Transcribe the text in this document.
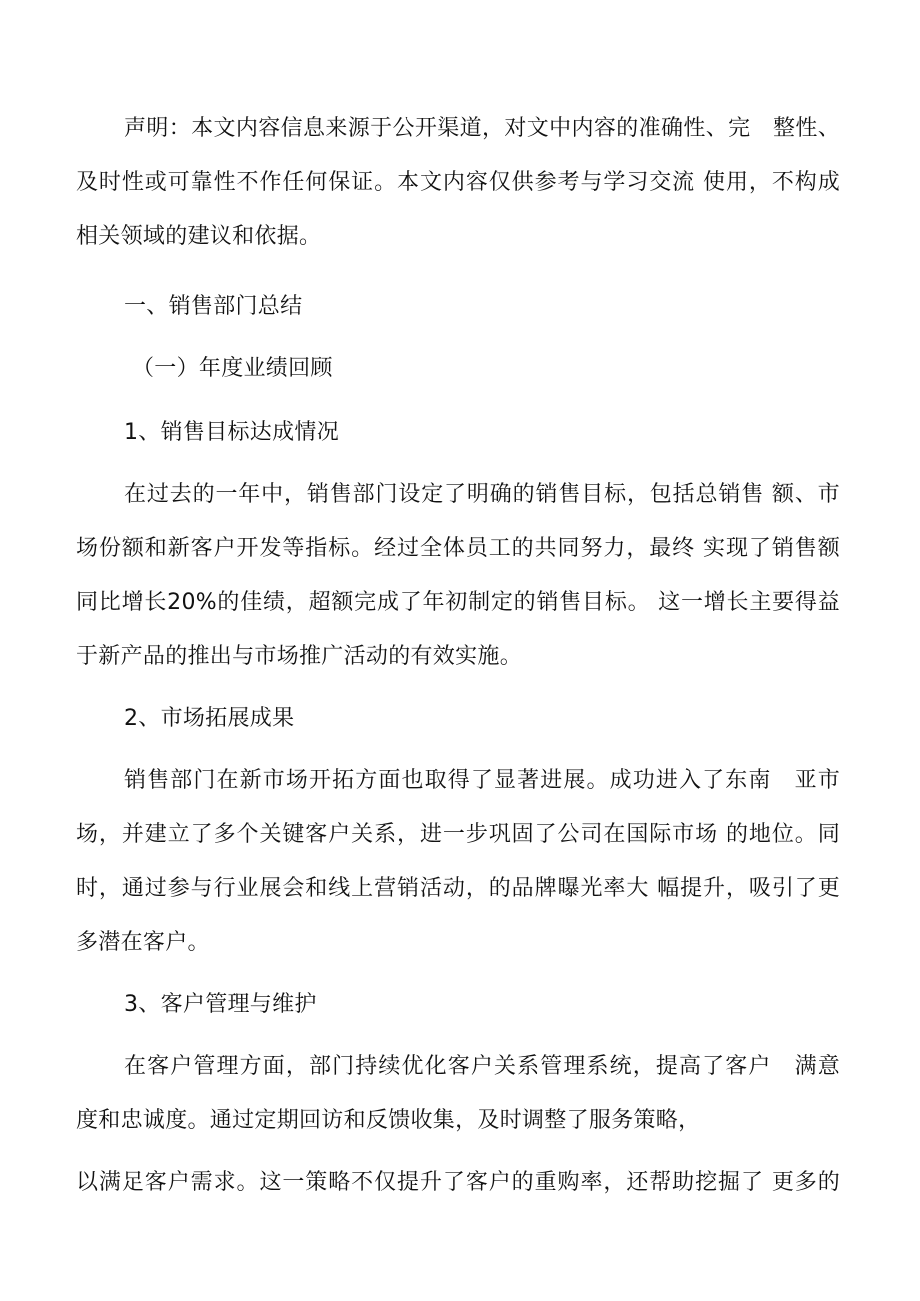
声明：本文内容信息来源于公开渠道，对文中内容的准确性、完　整性、
及时性或可靠性不作任何保证。本文内容仅供参考与学习交流 使用，不构成
相关领域的建议和依据。
一、销售部门总结
（一）年度业绩回顾
1、销售目标达成情况
在过去的一年中，销售部门设定了明确的销售目标，包括总销售 额、市
场份额和新客户开发等指标。经过全体员工的共同努力，最终 实现了销售额
同比增长20%的佳绩，超额完成了年初制定的销售目标。 这一增长主要得益
于新产品的推出与市场推广活动的有效实施。
2、市场拓展成果
销售部门在新市场开拓方面也取得了显著进展。成功进入了东南　亚市
场，并建立了多个关键客户关系，进一步巩固了公司在国际市场 的地位。同
时，通过参与行业展会和线上营销活动，的品牌曝光率大 幅提升，吸引了更
多潜在客户。
3、客户管理与维护
在客户管理方面，部门持续优化客户关系管理系统，提高了客户　满意
度和忠诚度。通过定期回访和反馈收集，及时调整了服务策略，
以满足客户需求。这一策略不仅提升了客户的重购率，还帮助挖掘了 更多的
